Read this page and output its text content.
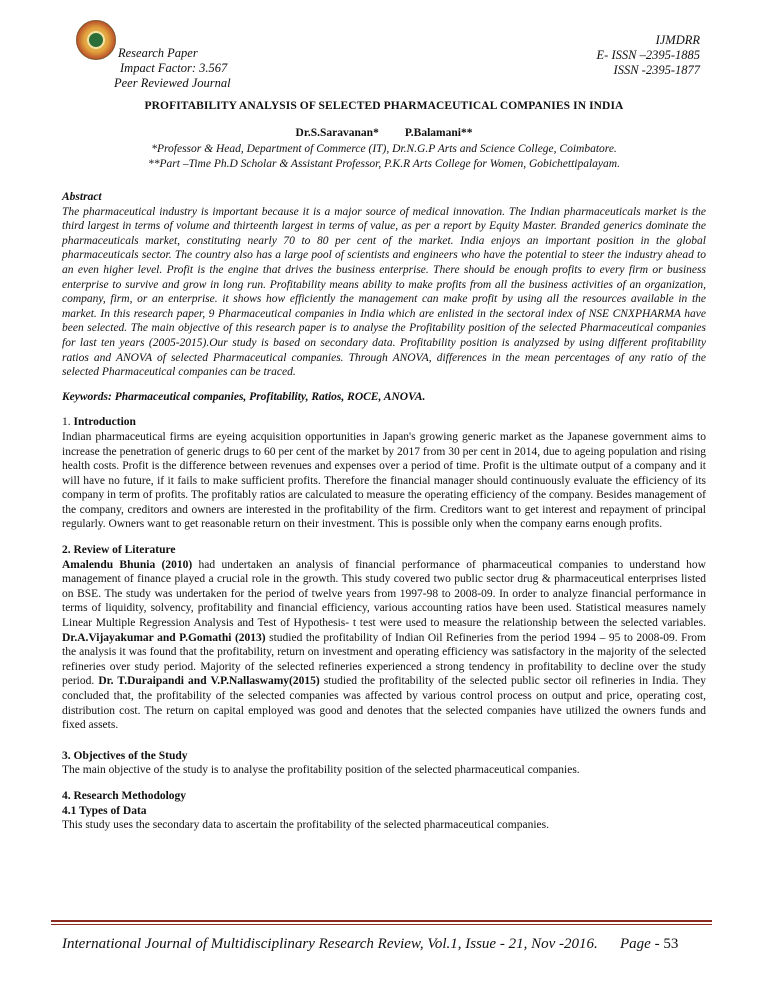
Research Paper
Impact Factor: 3.567
Peer Reviewed Journal
IJMDRR
E- ISSN –2395-1885
ISSN -2395-1877
PROFITABILITY ANALYSIS OF SELECTED PHARMACEUTICAL COMPANIES IN INDIA
Dr.S.Saravanan* P.Balamani**
*Professor & Head, Department of Commerce (IT), Dr.N.G.P Arts and Science College, Coimbatore.
**Part –Time Ph.D Scholar & Assistant Professor, P.K.R Arts College for Women, Gobichettipalayam.

Abstract

The pharmaceutical industry is important because it is a major source of medical innovation. The Indian pharmaceuticals market is the third largest in terms of volume and thirteenth largest in terms of value, as per a report by Equity Master. Branded generics dominate the pharmaceuticals market, constituting nearly 70 to 80 per cent of the market. India enjoys an important position in the global pharmaceuticals sector. The country also has a large pool of scientists and engineers who have the potential to steer the industry ahead to an even higher level. Profit is the engine that drives the business enterprise. There should be enough profits to every firm or business enterprise to survive and grow in long run. Profitability means ability to make profits from all the business activities of an organization, company, firm, or an enterprise. it shows how efficiently the management can make profit by using all the resources available in the market. In this research paper, 9 Pharmaceutical companies in India which are enlisted in the sectoral index of NSE CNXPHARMA have been selected. The main objective of this research paper is to analyse the Profitability position of the selected Pharmaceutical companies for last ten years (2005-2015).Our study is based on secondary data. Profitability position is analyzsed by using different profitability ratios and ANOVA of selected Pharmaceutical companies. Through ANOVA, differences in the mean percentages of any ratio of the selected Pharmaceutical companies can be traced.

Keywords: Pharmaceutical companies, Profitability, Ratios, ROCE, ANOVA.

1. Introduction

Indian pharmaceutical firms are eyeing acquisition opportunities in Japan's growing generic market as the Japanese government aims to increase the penetration of generic drugs to 60 per cent of the market by 2017 from 30 per cent in 2014, due to ageing population and rising health costs. Profit is the difference between revenues and expenses over a period of time. Profit is the ultimate output of a company and it will have no future, if it fails to make sufficient profits. Therefore the financial manager should continuously evaluate the efficiency of its company in term of profits. The profitably ratios are calculated to measure the operating efficiency of the company. Besides management of the company, creditors and owners are interested in the profitability of the firm. Creditors want to get interest and repayment of principal regularly. Owners want to get reasonable return on their investment. This is possible only when the company earns enough profits.

2. Review of Literature

Amalendu Bhunia (2010) had undertaken an analysis of financial performance of pharmaceutical companies to understand how management of finance played a crucial role in the growth. This study covered two public sector drug & pharmaceutical enterprises listed on BSE. The study was undertaken for the period of twelve years from 1997-98 to 2008-09. In order to analyze financial performance in terms of liquidity, solvency, profitability and financial efficiency, various accounting ratios have been used. Statistical measures namely Linear Multiple Regression Analysis and Test of Hypothesis- t test were used to measure the relationship between the selected variables. Dr.A.Vijayakumar and P.Gomathi (2013) studied the profitability of Indian Oil Refineries from the period 1994 – 95 to 2008-09. From the analysis it was found that the profitability, return on investment and operating efficiency was satisfactory in the majority of the selected refineries over study period. Majority of the selected refineries experienced a strong tendency in profitability to decline over the study period. Dr. T.Duraipandi and V.P.Nallaswamy(2015) studied the profitability of the selected public sector oil refineries in India. They concluded that, the profitability of the selected companies was affected by various control process on output and price, operating cost, distribution cost. The return on capital employed was good and denotes that the selected companies have utilized the owners funds and fixed assets.

3. Objectives of the Study

The main objective of the study is to analyse the profitability position of the selected pharmaceutical companies.

4. Research Methodology

4.1 Types of Data

This study uses the secondary data to ascertain the profitability of the selected pharmaceutical companies.

International Journal of Multidisciplinary Research Review, Vol.1, Issue - 21, Nov -2016. Page - 53
